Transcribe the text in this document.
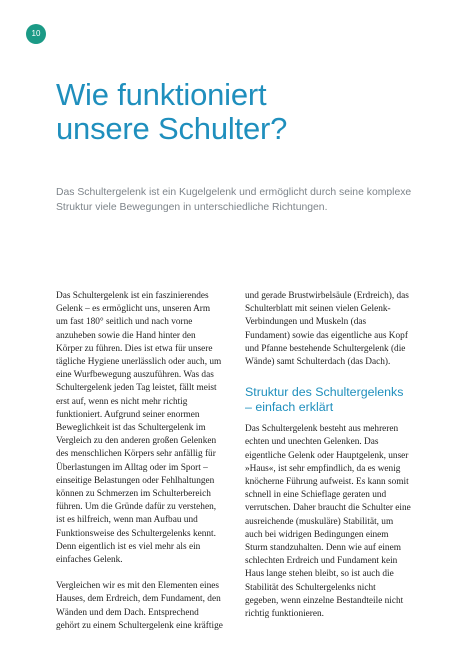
10
Wie funktioniert
unsere Schulter?

Das Schultergelenk ist ein Kugelgelenk und ermöglicht durch seine komplexe Struktur viele Bewegungen in unterschiedliche Richtungen.

Das Schultergelenk ist ein faszinierendes Gelenk – es ermöglicht uns, unseren Arm um fast 180° seitlich und nach vorne anzuheben sowie die Hand hinter den Körper zu führen. Dies ist etwa für unsere tägliche Hygiene unerlässlich oder auch, um eine Wurfbewegung auszuführen. Was das Schultergelenk jeden Tag leistet, fällt meist erst auf, wenn es nicht mehr richtig funktioniert. Aufgrund seiner enormen Beweglichkeit ist das Schultergelenk im Vergleich zu den anderen großen Gelenken des menschlichen Körpers sehr anfällig für Überlastungen im Alltag oder im Sport – einseitige Belastungen oder Fehlhaltungen können zu Schmerzen im Schulterbereich führen. Um die Gründe dafür zu verstehen, ist es hilfreich, wenn man Aufbau und Funktionsweise des Schultergelenks kennt. Denn eigentlich ist es viel mehr als ein einfaches Gelenk.

Vergleichen wir es mit den Elementen eines Hauses, dem Erdreich, dem Fundament, den Wänden und dem Dach. Entsprechend gehört zu einem Schultergelenk eine kräftige

und gerade Brustwirbelsäule (Erdreich), das Schulterblatt mit seinen vielen Gelenk-Verbindungen und Muskeln (das Fundament) sowie das eigentliche aus Kopf und Pfanne bestehende Schultergelenk (die Wände) samt Schulterdach (das Dach).

Struktur des Schultergelenks – einfach erklärt

Das Schultergelenk besteht aus mehreren echten und unechten Gelenken. Das eigentliche Gelenk oder Hauptgelenk, unser »Haus«, ist sehr empfindlich, da es wenig knöcherne Führung aufweist. Es kann somit schnell in eine Schieflage geraten und verrutschen. Daher braucht die Schulter eine ausreichende (muskuläre) Stabilität, um auch bei widrigen Bedingungen einem Sturm standzuhalten. Denn wie auf einem schlechten Erdreich und Fundament kein Haus lange stehen bleibt, so ist auch die Stabilität des Schultergelenks nicht gegeben, wenn einzelne Bestandteile nicht richtig funktionieren.
